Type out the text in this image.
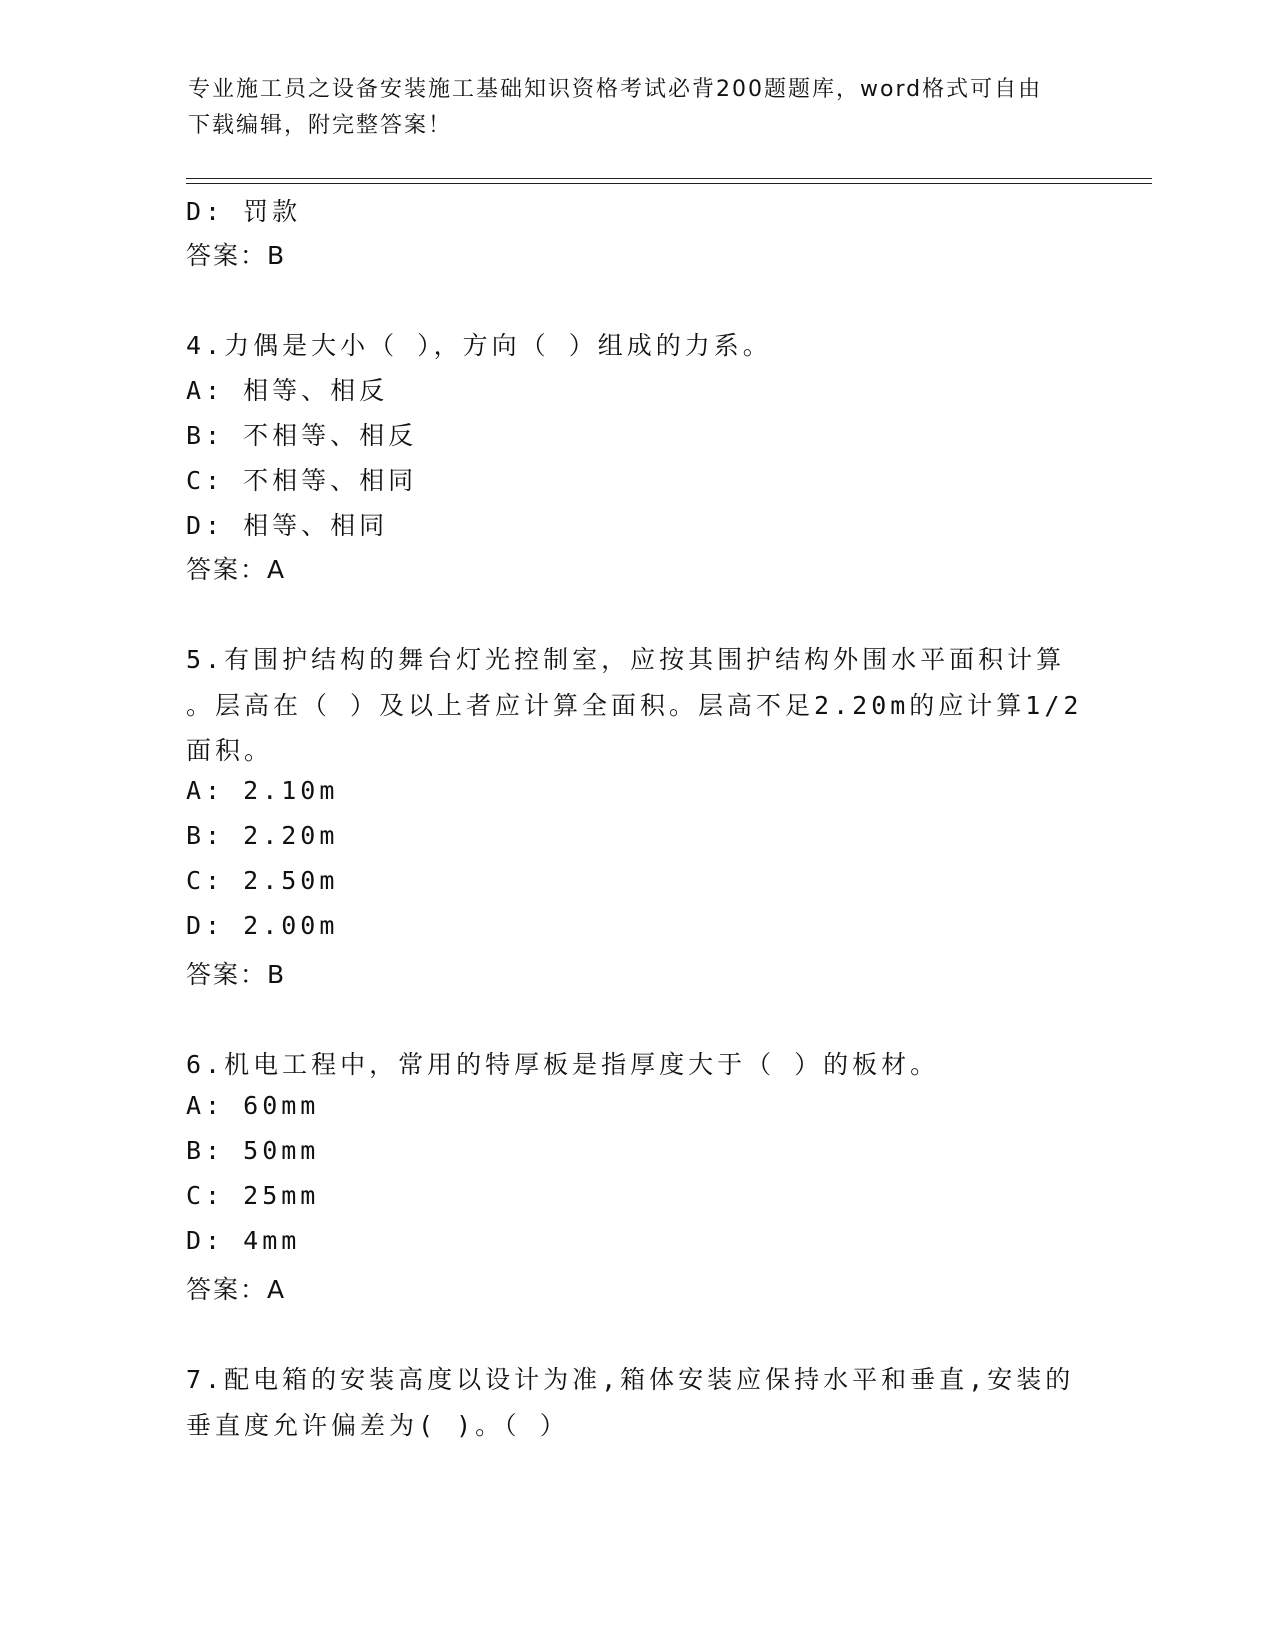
专业施工员之设备安装施工基础知识资格考试必背200题题库，word格式可自由
下载编辑，附完整答案！
D: 罚款
答案：B
4.力偶是大小（ ），方向（ ）组成的力系。
A: 相等、相反
B: 不相等、相反
C: 不相等、相同
D: 相等、相同
答案：A
5.有围护结构的舞台灯光控制室，应按其围护结构外围水平面积计算
。层高在（ ）及以上者应计算全面积。层高不足2.20m的应计算1/2
面积。
A: 2.10m
B: 2.20m
C: 2.50m
D: 2.00m
答案：B
6.机电工程中，常用的特厚板是指厚度大于（ ）的板材。
A: 60mm
B: 50mm
C: 25mm
D: 4mm
答案：A
7.配电箱的安装高度以设计为准,箱体安装应保持水平和垂直,安装的
垂直度允许偏差为( )。（ ）
